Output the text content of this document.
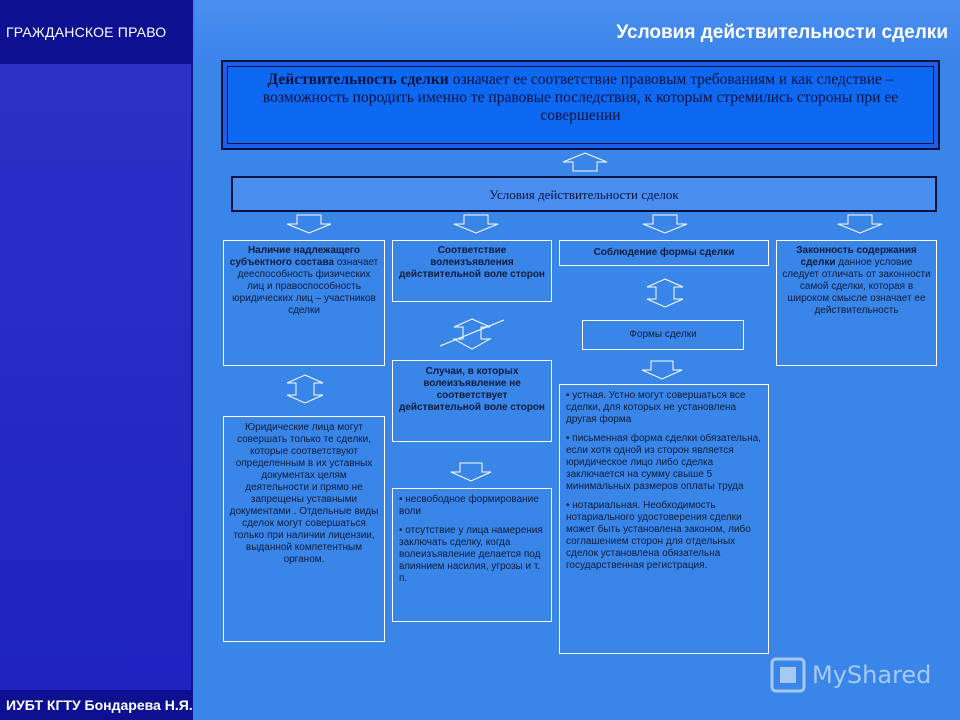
ГРАЖДАНСКОЕ ПРАВО	Условия действительности сделки
ИУБТ КГТУ Бондарева Н.Я.
Действительность сделки означает ее соответствие правовым требованиям и как следствие – возможность породить именно те правовые последствия, к которым стремились стороны при ее совершении
Условия действительности сделок
Наличие надлежащего субъектного состава означает дееспособность физических лиц и правоспособность юридических лиц – участников сделки
Соответствие волеизъявления действительной воле сторон
Соблюдение формы сделки	Законность содержания сделки данное условие следует отличать от законности самой сделки, которая в широком смысле означает ее действительность
Формы сделки
Случаи, в которых волеизъявление не соответствует действительной воле сторон
Юридические лица могут совершать только те сделки, которые соответствуют определенным в их уставных документах целям деятельности и прямо не запрещены уставными документами . Отдельные виды сделок могут совершаться только при наличии лицензии, выданной компетентным органом.

• несвободное формирование воли

• отсутствие у лица намерения заключать сделку, когда волеизъявление делается под влиянием насилия, угрозы и т. п.

• устная. Устно могут совершаться все сделки, для которых не установлена другая форма

• письменная форма сделки обязательна, если хотя одной из сторон является юридическое лицо либо сделка заключается на сумму свыше 5 минимальных размеров оплаты труда

• нотариальная. Необходимость нотариального удостоверения сделки может быть установлена законом, либо соглашением сторон для отдельных сделок установлена обязательна государственная регистрация.

MyShared
